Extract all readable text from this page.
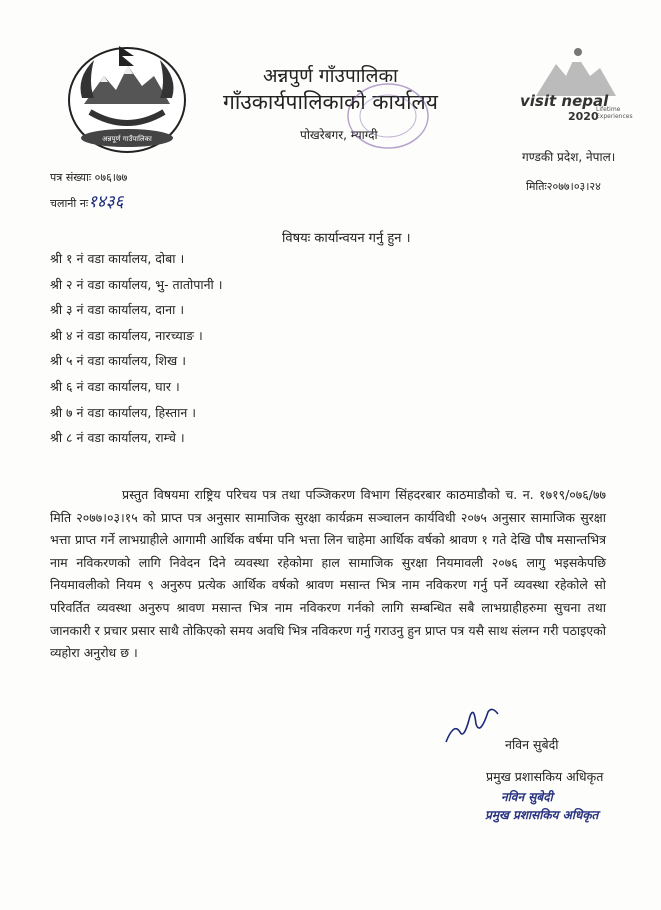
अन्नपूर्ण गाउँपालिका
अन्नपुर्ण गाँउपालिका
गाँउकार्यपालिकाको कार्यालय
पोखरेबगर, म्याग्दी
visit nepal
2020
Lifetime Experiences
गण्डकी प्रदेश, नेपाल।
मितिः२०७७।०३।२४
पत्र संख्याः ०७६।७७
चलानी नः१४३६
विषयः कार्यान्वयन गर्नु हुन ।
श्री १ नं वडा कार्यालय, दोबा ।
श्री २ नं वडा कार्यालय, भु- तातोपानी ।
श्री ३ नं वडा कार्यालय, दाना ।
श्री ४ नं वडा कार्यालय, नारच्याङ ।
श्री ५ नं वडा कार्यालय, शिख ।
श्री ६ नं वडा कार्यालय, घार ।
श्री ७ नं वडा कार्यालय, हिस्तान ।
श्री ८ नं वडा कार्यालय, राम्चे ।

प्रस्तुत विषयमा राष्ट्रिय परिचय पत्र तथा पञ्जिकरण विभाग सिंहदरबार काठमाडौको च. न. १७१९/०७६/७७ मिति २०७७।०३।१५ को प्राप्त पत्र अनुसार सामाजिक सुरक्षा कार्यक्रम सञ्चालन कार्यविधी २०७५ अनुसार सामाजिक सुरक्षा भत्ता प्राप्त गर्ने लाभग्राहीले आगामी आर्थिक वर्षमा पनि भत्ता लिन चाहेमा आर्थिक वर्षको श्रावण १ गते देखि पौष मसान्तभित्र नाम नविकरणको लागि निवेदन दिने व्यवस्था रहेकोमा हाल सामाजिक सुरक्षा नियमावली २०७६ लागु भइसकेपछि नियमावलीको नियम ९ अनुरुप प्रत्येक आर्थिक वर्षको श्रावण मसान्त भित्र नाम नविकरण गर्नु पर्ने व्यवस्था रहेकोले सो परिवर्तित व्यवस्था अनुरुप श्रावण मसान्त भित्र नाम नविकरण गर्नको लागि सम्बन्धित सबै लाभग्राहीहरुमा सुचना तथा जानकारी र प्रचार प्रसार साथै तोकिएको समय अवधि भित्र नविकरण गर्नु गराउनु हुन प्राप्त पत्र यसै साथ संलग्न गरी पठाइएको व्यहोरा अनुरोध छ ।

नविन सुबेदी
प्रमुख प्रशासकिय अधिकृत
नविन सुबेदी
प्रमुख प्रशासकिय अधिकृत
